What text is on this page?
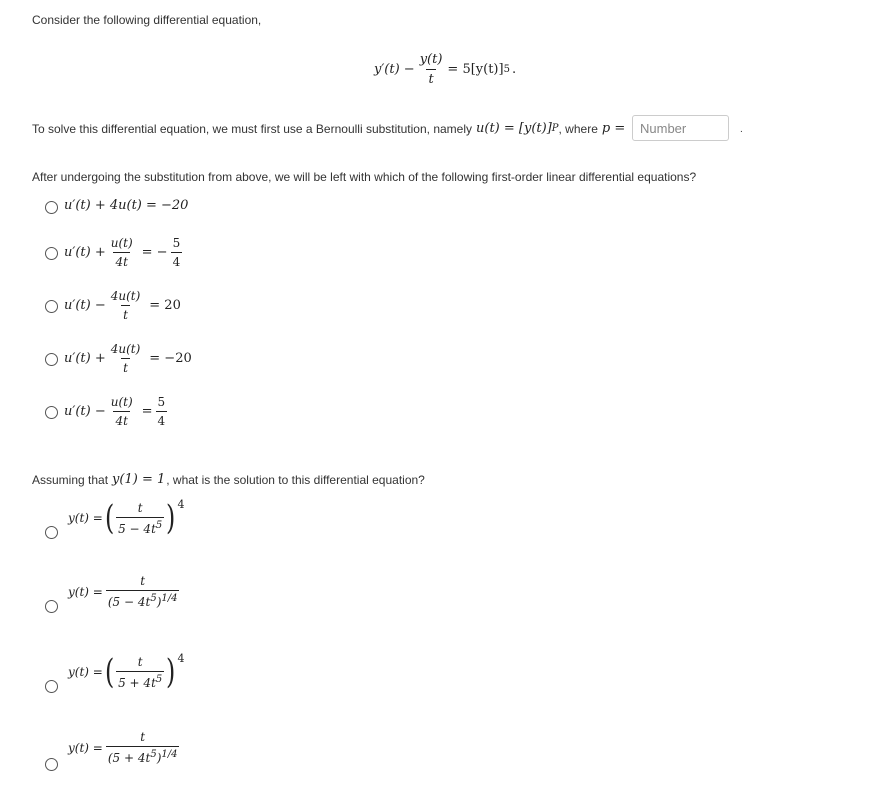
Consider the following differential equation,
$y'(t) - \frac{y(t)}{t} = 5[y(t)]$ 5 .
To solve this differential equation, we must first use a Bernoulli substitution, namely u(t) = [y(t)] P , where p =
Number	.
After undergoing the substitution from above, we will be left with which of the following first-order linear differential equations?
u′(t) + 4u(t) = −20
$u'(t) + \frac{u(t)}{4t}$ = − $\frac{5}{4}$
$u'(t) - \frac{4u(t)}{t} = 20$
$u'(t) + \frac{4u(t)}{t} = -20$
$u'(t) - \frac{u(t)}{4t} = \frac{5}{4}$
Assuming that y(1) = 1 , what is the solution to this differential equation?
y(t) = ( $\frac{t}{5 - 4t^5}$ ) 4
$y(t) = \frac{t}{(5 - 4t^5)^{1/4}}$
y(t) = ( $\frac{t}{5 + 4t^5}$ ) 4
$y(t) = \frac{t}{(5 + 4t^5)^{1/4}}$
